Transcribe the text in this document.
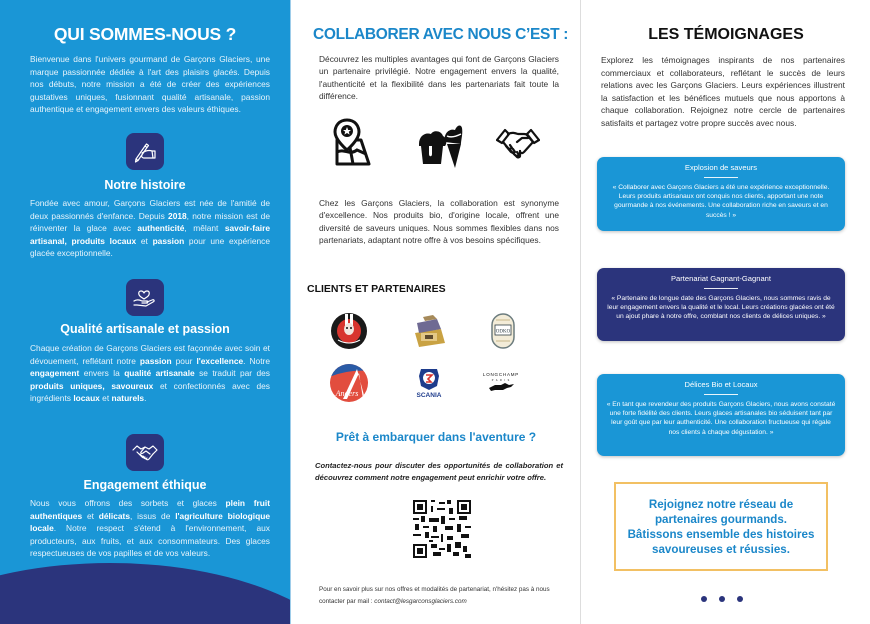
QUI SOMMES-NOUS ?

Bienvenue dans l'univers gourmand de Garçons Glaciers, une marque passionnée dédiée à l'art des plaisirs glacés. Depuis nos débuts, notre mission a été de créer des expériences gustatives uniques, fusionnant qualité artisanale, passion authentique et engagement envers des valeurs éthiques.

Notre histoire

Fondée avec amour, Garçons Glaciers est née de l'amitié de deux passionnés d'enfance. Depuis 2018, notre mission est de réinventer la glace avec authenticité, mêlant savoir-faire artisanal, produits locaux et passion pour une expérience glacée exceptionnelle.

Qualité artisanale et passion

Chaque création de Garçons Glaciers est façonnée avec soin et dévouement, reflétant notre passion pour l'excellence. Notre engagement envers la qualité artisanale se traduit par des produits uniques, savoureux et confectionnés avec des ingrédients locaux et naturels.

Engagement éthique

Nous vous offrons des sorbets et glaces plein fruit authentiques et délicats, issus de l'agriculture biologique locale. Notre respect s'étend à l'environnement, aux producteurs, aux fruits, et aux consommateurs. Des glaces respectueuses de vos papilles et de vos valeurs.

COLLABORER AVEC NOUS C’EST :

Découvrez les multiples avantages qui font de Garçons Glaciers un partenaire privilégié. Notre engagement envers la qualité, l'authenticité et la flexibilité dans les partenariats fait toute la différence.

Chez les Garçons Glaciers, la collaboration est synonyme d'excellence. Nos produits bio, d'origine locale, offrent une diversité de saveurs uniques. Nous sommes flexibles dans nos partenariats, adaptant notre offre à vos besoins spécifiques.

CLIENTS ET PARTENAIRES
ODKO
Angers	SCANIA
LONGCHAMP
P A R I S
Prêt à embarquer dans l'aventure ?

Contactez-nous pour discuter des opportunités de collaboration et découvrez comment notre engagement peut enrichir votre offre.

Pour en savoir plus sur nos offres et modalités de partenariat, n'hésitez pas à nous contacter par mail : contact@lesgarconsglaciers.com

LES TÉMOIGNAGES

Explorez les témoignages inspirants de nos partenaires commerciaux et collaborateurs, reflétant le succès de leurs relations avec les Garçons Glaciers. Leurs expériences illustrent la satisfaction et les bénéfices mutuels que nous apportons à chaque collaboration. Rejoignez notre cercle de partenaires satisfaits et partagez votre propre succès avec nous.

Explosion de saveurs
« Collaborer avec Garçons Glaciers a été une expérience exceptionnelle. Leurs produits artisanaux ont conquis nos clients, apportant une note gourmande à nos événements. Une collaboration riche en saveurs et en succès ! »
Partenariat Gagnant-Gagnant
« Partenaire de longue date des Garçons Glaciers, nous sommes ravis de leur engagement envers la qualité et le local. Leurs créations glacées ont été un ajout phare à notre offre, comblant nos clients de délices uniques. »
Délices Bio et Locaux
« En tant que revendeur des produits Garçons Glaciers, nous avons constaté une forte fidélité des clients. Leurs glaces artisanales bio séduisent tant par leur goût que par leur authenticité. Une collaboration fructueuse qui régale nos clients à chaque dégustation. »
Rejoignez notre réseau de partenaires gourmands. Bâtissons ensemble des histoires savoureuses et réussies.
